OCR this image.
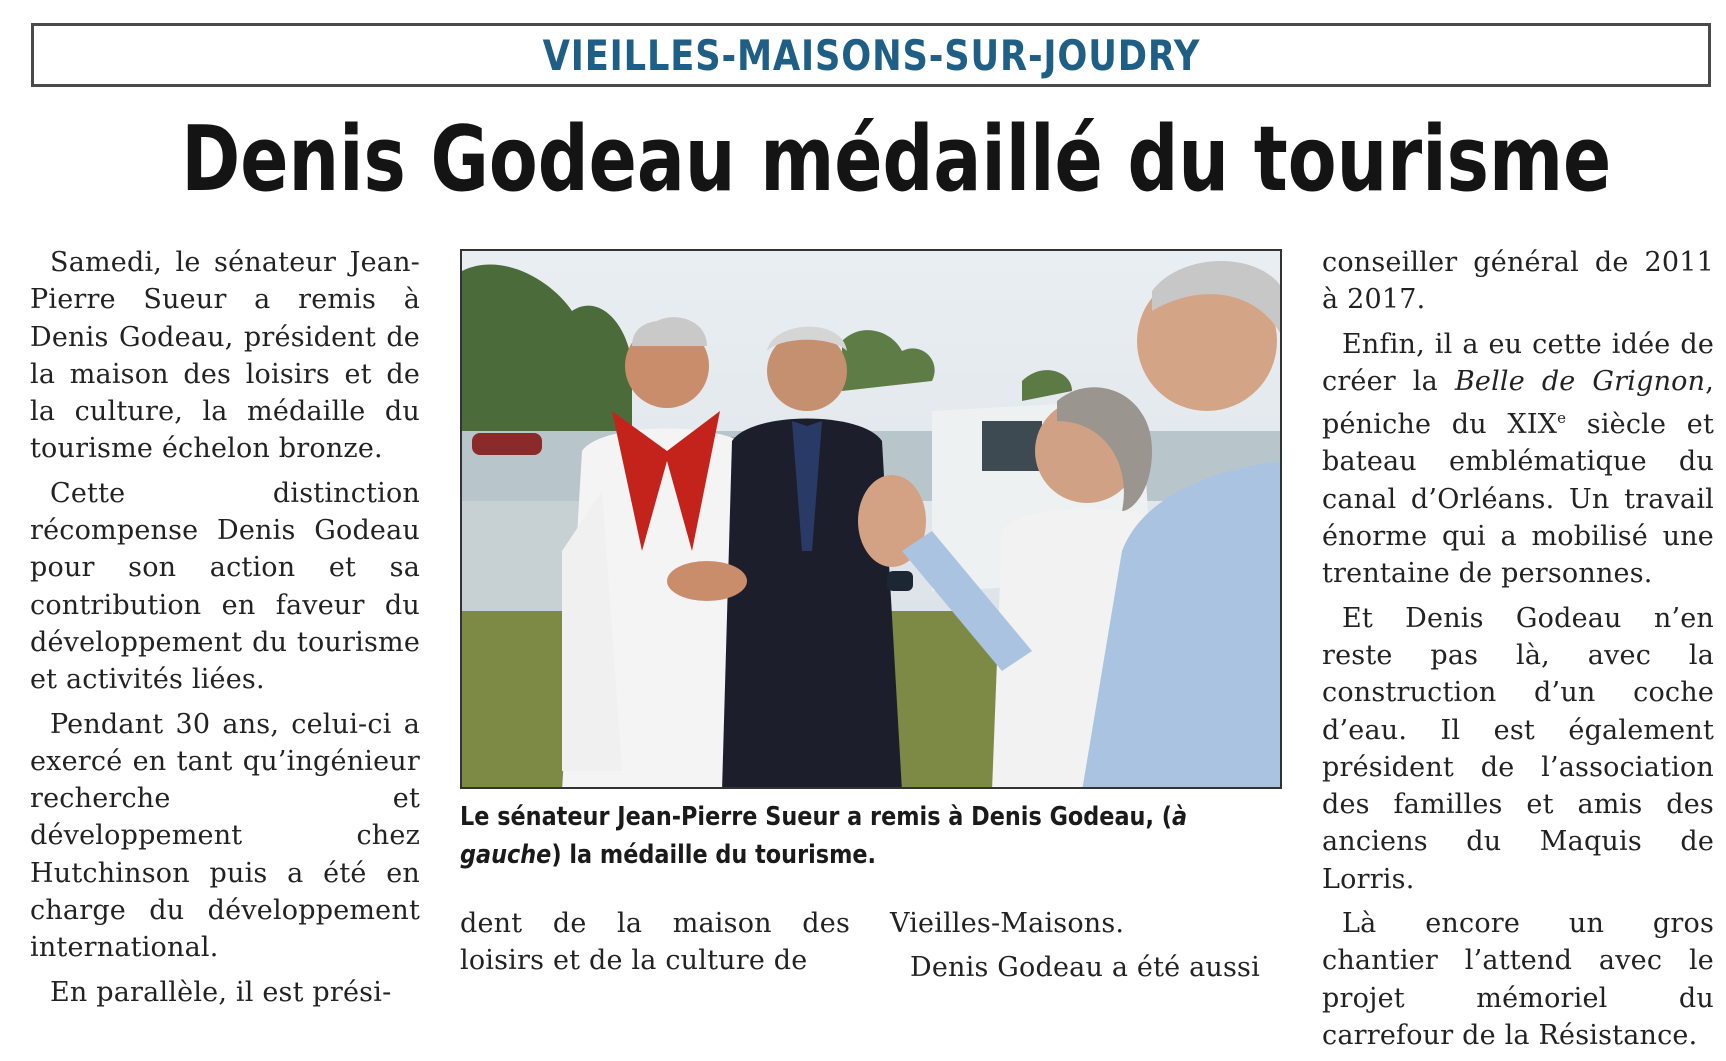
VIEILLES-MAISONS-SUR-JOUDRY
Denis Godeau médaillé du tourisme

Samedi, le sénateur Jean-Pierre Sueur a remis à Denis Godeau, président de la maison des loisirs et de la culture, la médaille du tourisme échelon bronze.

Cette distinction récompense Denis Godeau pour son action et sa contribution en faveur du développement du tourisme et activités liées.

Pendant 30 ans, celui-ci a exercé en tant qu’ingénieur recherche et développement chez Hutchinson puis a été en charge du développement international.

En parallèle, il est prési-

Le sénateur Jean-Pierre Sueur a remis à Denis Godeau, (à gauche) la médaille du tourisme.

dent de la maison des loisirs et de la culture de

Vieilles-Maisons.

Denis Godeau a été aussi

conseiller général de 2011 à 2017.

Enfin, il a eu cette idée de créer la Belle de Grignon, péniche du XIXe siècle et bateau emblématique du canal d’Orléans. Un travail énorme qui a mobilisé une trentaine de personnes.

Et Denis Godeau n’en reste pas là, avec la construction d’un coche d’eau. Il est également président de l’association des familles et amis des anciens du Maquis de Lorris.

Là encore un gros chantier l’attend avec le projet mémoriel du carrefour de la Résistance.
